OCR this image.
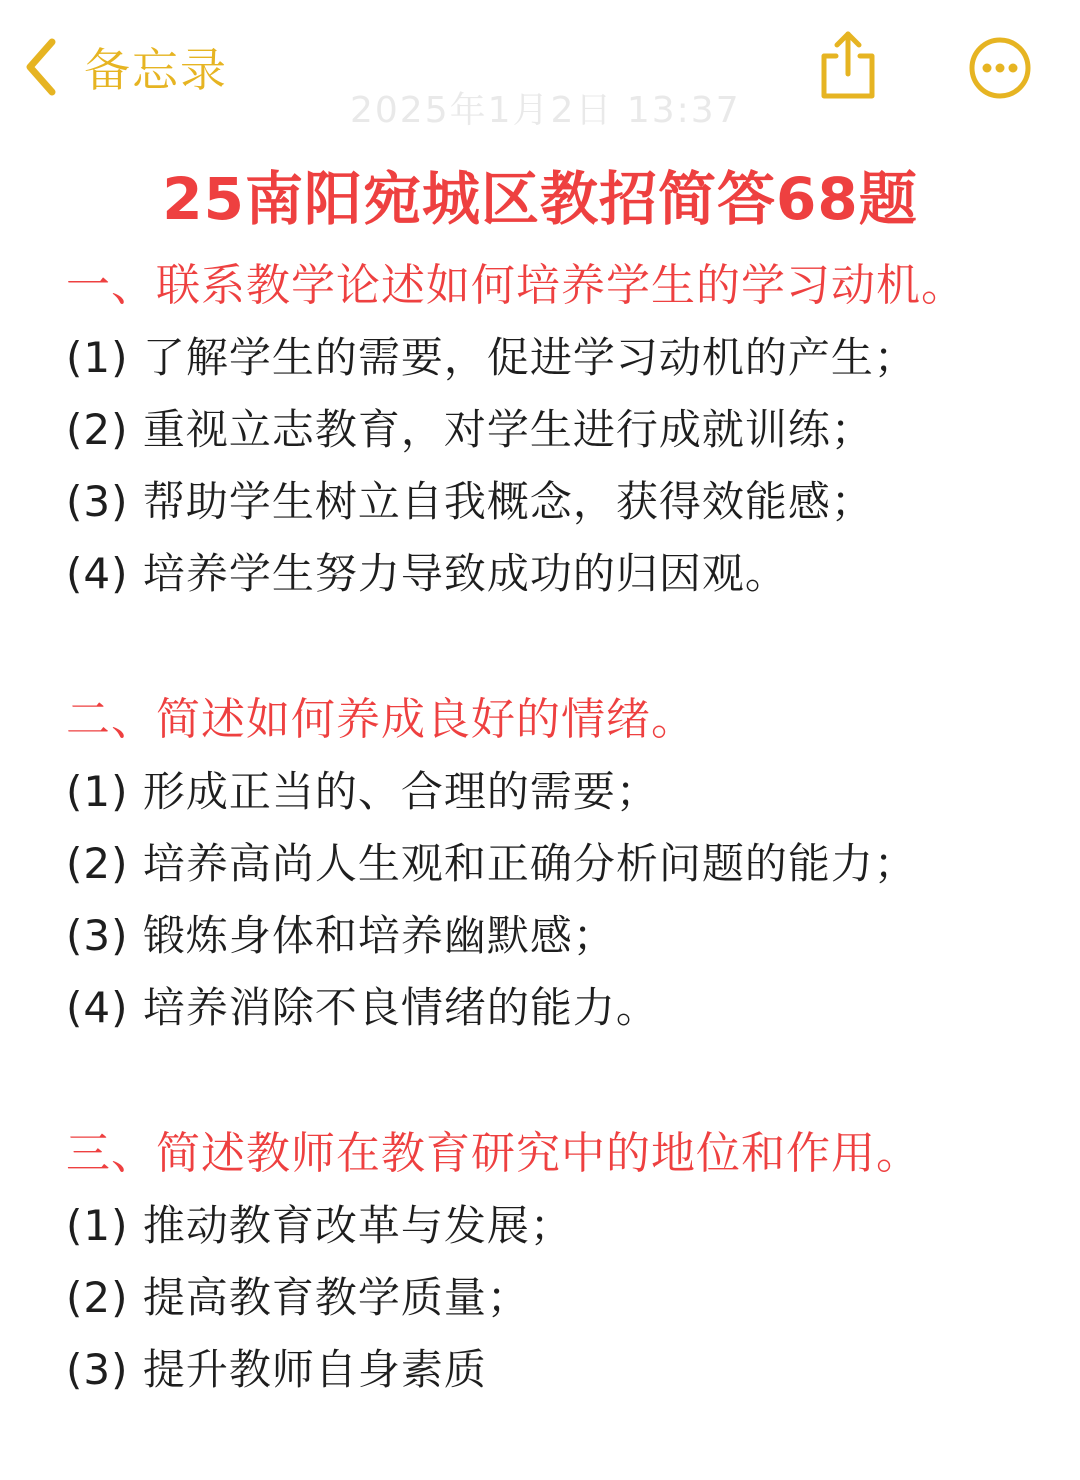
备忘录
2025年1月2日 13:37
25南阳宛城区教招简答68题
一、联系教学论述如何培养学生的学习动机。
(1) 了解学生的需要，促进学习动机的产生；
(2) 重视立志教育，对学生进行成就训练；
(3) 帮助学生树立自我概念，获得效能感；
(4) 培养学生努力导致成功的归因观。
二、简述如何养成良好的情绪。
(1) 形成正当的、合理的需要；
(2) 培养高尚人生观和正确分析问题的能力；
(3) 锻炼身体和培养幽默感；
(4) 培养消除不良情绪的能力。
三、简述教师在教育研究中的地位和作用。
(1) 推动教育改革与发展；
(2) 提高教育教学质量；
(3) 提升教师自身素质
